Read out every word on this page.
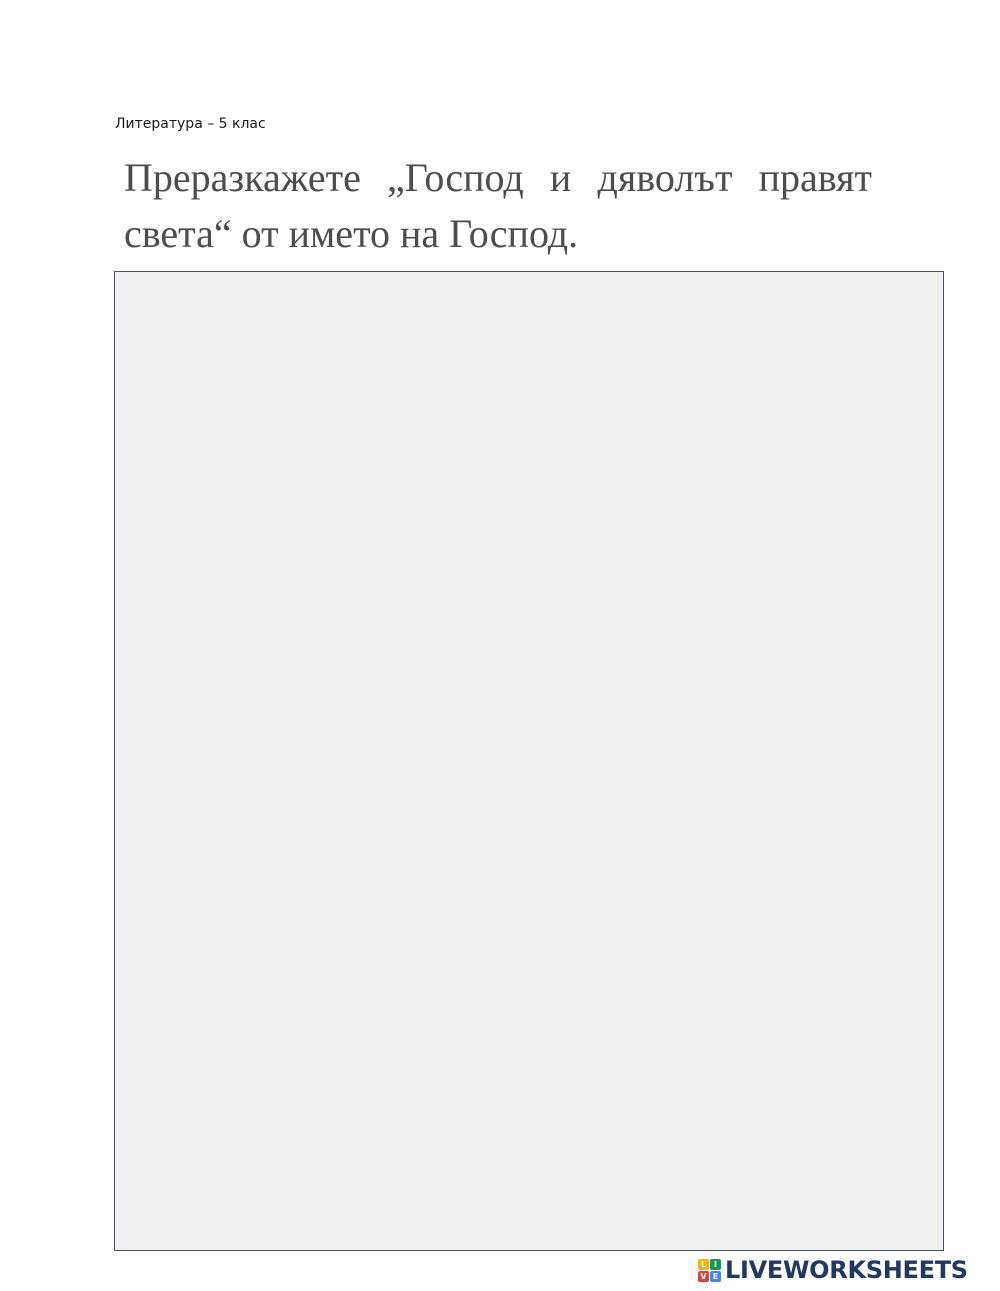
Литература – 5 клас
Преразкажете „Господ и дяволът правят
света“ от името на Господ.
L I
V E LIVEWORKSHEETS
